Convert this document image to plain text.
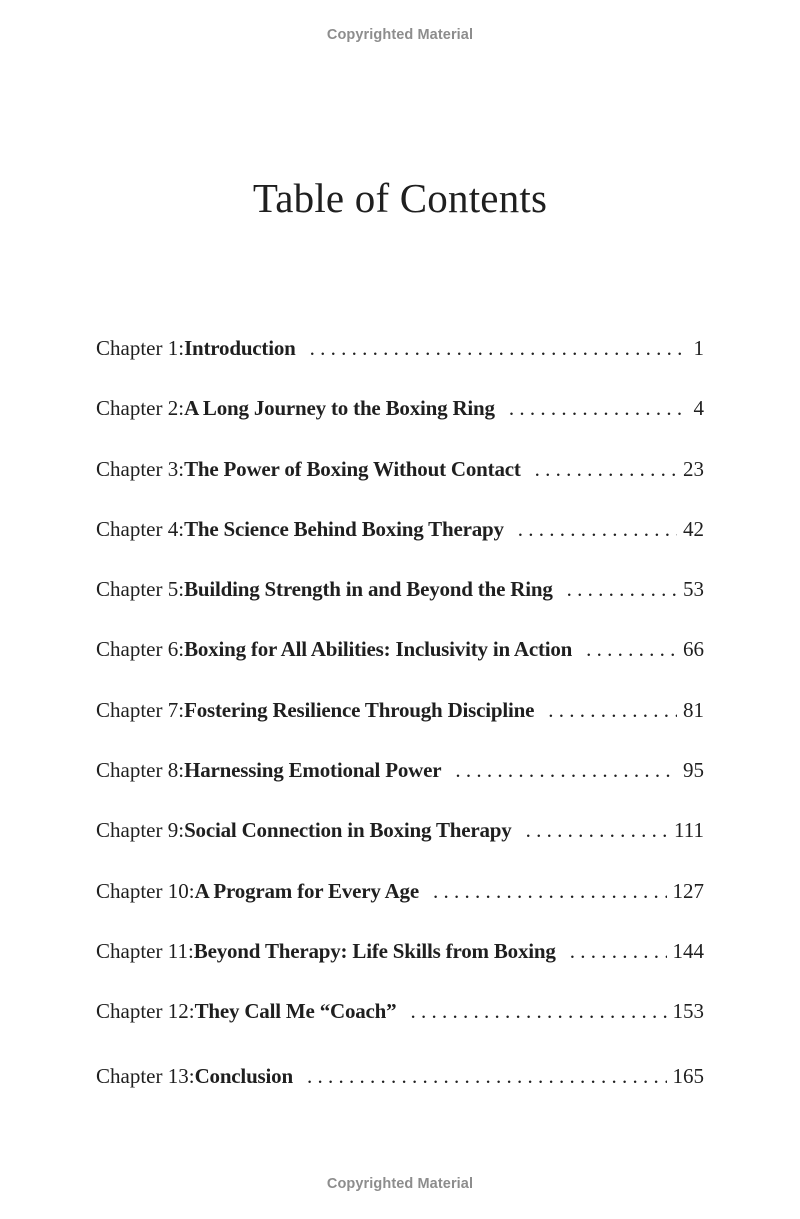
Copyrighted Material
Table of Contents
Chapter 1: Introduction . . .	1
Chapter 2: A Long Journey to the Boxing Ring . . .	4
Chapter 3: The Power of Boxing Without Contact . . .	23
Chapter 4: The Science Behind Boxing Therapy . . .	42
Chapter 5: Building Strength in and Beyond the Ring . . .	53
Chapter 6: Boxing for All Abilities: Inclusivity in Action . . .	66
Chapter 7: Fostering Resilience Through Discipline . . .	81
Chapter 8: Harnessing Emotional Power . . .	95
Chapter 9: Social Connection in Boxing Therapy . . .	111
Chapter 10: A Program for Every Age . . .	127
Chapter 11: Beyond Therapy: Life Skills from Boxing . . .	144
Chapter 12: They Call Me “Coach” . . .	153
Chapter 13: Conclusion . . .	165
Copyrighted Material
